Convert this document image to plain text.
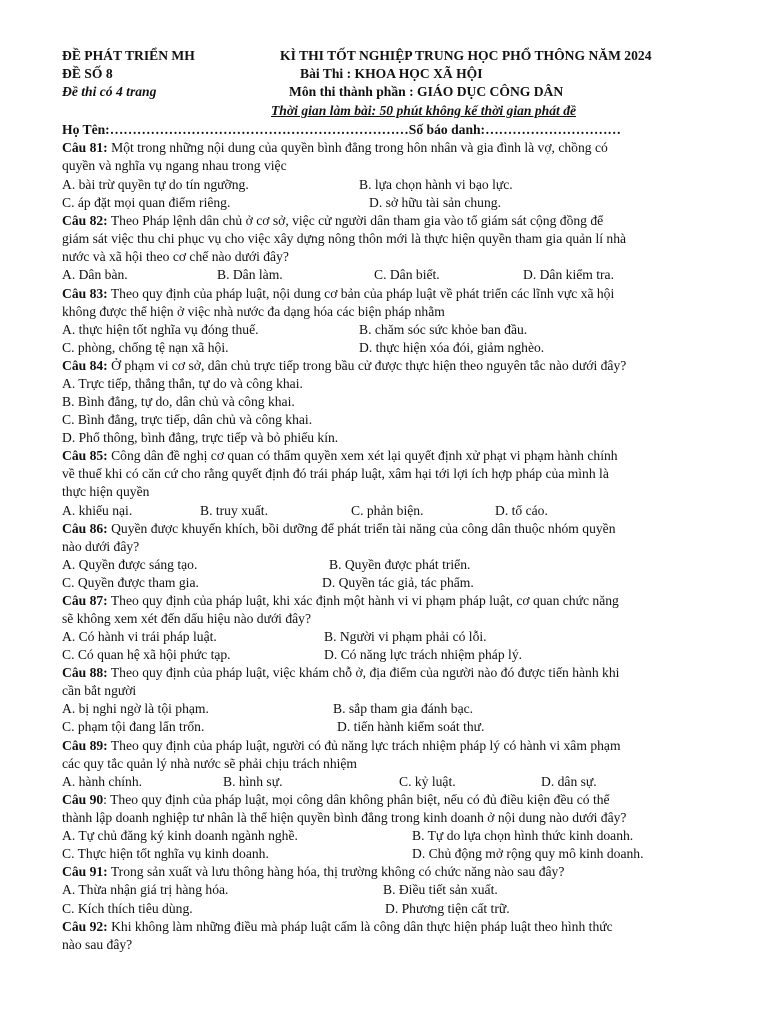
ĐỀ PHÁT TRIỂN MH	KÌ THI TỐT NGHIỆP TRUNG HỌC PHỔ THÔNG NĂM 2024
ĐỀ SỐ 8	Bài Thi : KHOA HỌC XÃ HỘI
Đề thi có 4 trang	Môn thi thành phần : GIÁO DỤC CÔNG DÂN
Thời gian làm bài: 50 phút không kể thời gian phát đề
Họ Tên:…………………………………………………………Số báo danh:…………………………
Câu 81: Một trong những nội dung của quyền bình đẳng trong hôn nhân và gia đình là vợ, chồng có
quyền và nghĩa vụ ngang nhau trong việc
A. bài trừ quyền tự do tín ngưỡng.	B. lựa chọn hành vi bạo lực.
C. áp đặt mọi quan điểm riêng.	D. sở hữu tài sản chung.
Câu 82: Theo Pháp lệnh dân chủ ở cơ sở, việc cử người dân tham gia vào tổ giám sát cộng đồng để
giám sát việc thu chi phục vụ cho việc xây dựng nông thôn mới là thực hiện quyền tham gia quản lí nhà
nước và xã hội theo cơ chế nào dưới đây?
A. Dân bàn.	B. Dân làm.	C. Dân biết.	D. Dân kiểm tra.
Câu 83: Theo quy định của pháp luật, nội dung cơ bản của pháp luật về phát triển các lĩnh vực xã hội
không được thể hiện ở việc nhà nước đa dạng hóa các biện pháp nhằm
A. thực hiện tốt nghĩa vụ đóng thuế.	B. chăm sóc sức khỏe ban đầu.
C. phòng, chống tệ nạn xã hội.	D. thực hiện xóa đói, giảm nghèo.
Câu 84: Ở phạm vi cơ sở, dân chủ trực tiếp trong bầu cử được thực hiện theo nguyên tắc nào dưới đây?
A. Trực tiếp, thẳng thắn, tự do và công khai.
B. Bình đẳng, tự do, dân chủ và công khai.
C. Bình đẳng, trực tiếp, dân chủ và công khai.
D. Phổ thông, bình đẳng, trực tiếp và bỏ phiếu kín.
Câu 85: Công dân đề nghị cơ quan có thẩm quyền xem xét lại quyết định xử phạt vi phạm hành chính
về thuế khi có căn cứ cho rằng quyết định đó trái pháp luật, xâm hại tới lợi ích hợp pháp của mình là
thực hiện quyền
A. khiếu nại.	B. truy xuất.	C. phản biện.	D. tố cáo.
Câu 86: Quyền được khuyến khích, bồi dưỡng để phát triển tài năng của công dân thuộc nhóm quyền
nào dưới đây?
A. Quyền được sáng tạo.	B. Quyền được phát triển.
C. Quyền được tham gia.	D. Quyền tác giả, tác phẩm.
Câu 87: Theo quy định của pháp luật, khi xác định một hành vi vi phạm pháp luật, cơ quan chức năng
sẽ không xem xét đến dấu hiệu nào dưới đây?
A. Có hành vi trái pháp luật.	B. Người vi phạm phải có lỗi.
C. Có quan hệ xã hội phức tạp.	D. Có năng lực trách nhiệm pháp lý.
Câu 88: Theo quy định của pháp luật, việc khám chỗ ở, địa điểm của người nào đó được tiến hành khi
cần bắt người
A. bị nghi ngờ là tội phạm.	B. sắp tham gia đánh bạc.
C. phạm tội đang lẩn trốn.	D. tiến hành kiểm soát thư.
Câu 89: Theo quy định của pháp luật, người có đủ năng lực trách nhiệm pháp lý có hành vi xâm phạm
các quy tắc quản lý nhà nước sẽ phải chịu trách nhiệm
A. hành chính.	B. hình sự.	C. kỷ luật.	D. dân sự.
Câu 90: Theo quy định của pháp luật, mọi công dân không phân biệt, nếu có đủ điều kiện đều có thể
thành lập doanh nghiệp tư nhân là thể hiện quyền bình đẳng trong kinh doanh ở nội dung nào dưới đây?
A. Tự chủ đăng ký kinh doanh ngành nghề.	B. Tự do lựa chọn hình thức kinh doanh.
C. Thực hiện tốt nghĩa vụ kinh doanh.	D. Chủ động mở rộng quy mô kinh doanh.
Câu 91: Trong sản xuất và lưu thông hàng hóa, thị trường không có chức năng nào sau đây?
A. Thừa nhận giá trị hàng hóa.	B. Điều tiết sản xuất.
C. Kích thích tiêu dùng.	D. Phương tiện cất trữ.
Câu 92: Khi không làm những điều mà pháp luật cấm là công dân thực hiện pháp luật theo hình thức
nào sau đây?
